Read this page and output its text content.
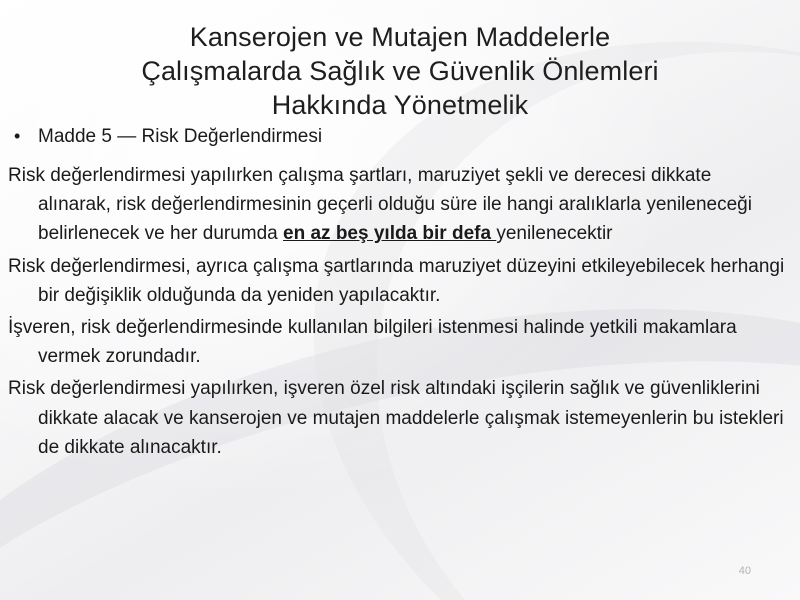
Kanserojen ve Mutajen Maddelerle
Çalışmalarda Sağlık ve Güvenlik Önlemleri
Hakkında Yönetmelik
• Madde 5 — Risk Değerlendirmesi

Risk değerlendirmesi yapılırken çalışma şartları, maruziyet şekli ve derecesi dikkate alınarak, risk değerlendirmesinin geçerli olduğu süre ile hangi aralıklarla yenileneceği belirlenecek ve her durumda en az beş yılda bir defa yenilenecektir

Risk değerlendirmesi, ayrıca çalışma şartlarında maruziyet düzeyini etkileyebilecek herhangi bir değişiklik olduğunda da yeniden yapılacaktır.

İşveren, risk değerlendirmesinde kullanılan bilgileri istenmesi halinde yetkili makamlara vermek zorundadır.

Risk değerlendirmesi yapılırken, işveren özel risk altındaki işçilerin sağlık ve güvenliklerini dikkate alacak ve kanserojen ve mutajen maddelerle çalışmak istemeyenlerin bu istekleri de dikkate alınacaktır.

40
